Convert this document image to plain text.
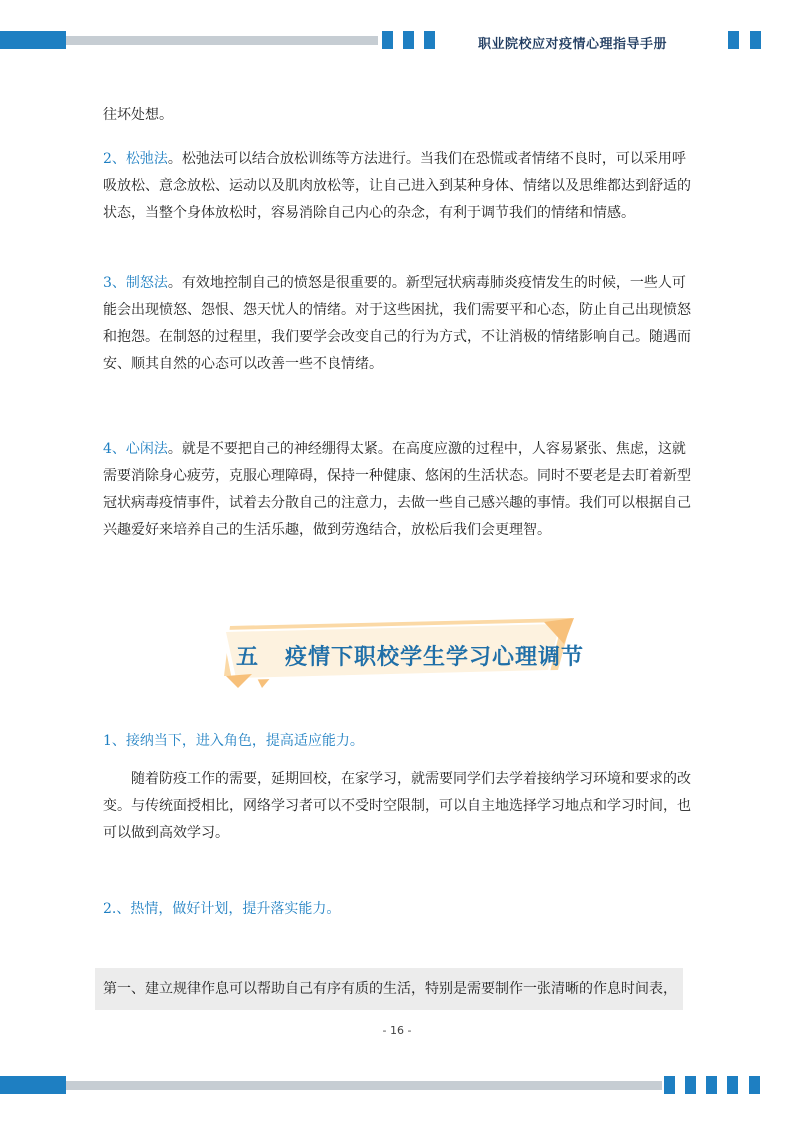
职业院校应对疫情心理指导手册

往坏处想。

2、松弛法。松弛法可以结合放松训练等方法进行。当我们在恐慌或者情绪不良时，可以采用呼吸放松、意念放松、运动以及肌肉放松等，让自己进入到某种身体、情绪以及思维都达到舒适的状态，当整个身体放松时，容易消除自己内心的杂念，有利于调节我们的情绪和情感。

3、制怒法。有效地控制自己的愤怒是很重要的。新型冠状病毒肺炎疫情发生的时候，一些人可能会出现愤怒、怨恨、怨天忧人的情绪。对于这些困扰，我们需要平和心态，防止自己出现愤怒和抱怨。在制怒的过程里，我们要学会改变自己的行为方式，不让消极的情绪影响自己。随遇而安、顺其自然的心态可以改善一些不良情绪。

4、心闲法。就是不要把自己的神经绷得太紧。在高度应激的过程中，人容易紧张、焦虑，这就需要消除身心疲劳，克服心理障碍，保持一种健康、悠闲的生活状态。同时不要老是去盯着新型冠状病毒疫情事件，试着去分散自己的注意力，去做一些自己感兴趣的事情。我们可以根据自己兴趣爱好来培养自己的生活乐趣，做到劳逸结合，放松后我们会更理智。

五 疫情下职校学生学习心理调节

1、接纳当下，进入角色，提高适应能力。

随着防疫工作的需要，延期回校，在家学习，就需要同学们去学着接纳学习环境和要求的改变。与传统面授相比，网络学习者可以不受时空限制，可以自主地选择学习地点和学习时间，也可以做到高效学习。

2.、热情，做好计划，提升落实能力。

第一、建立规律作息可以帮助自己有序有质的生活，特别是需要制作一张清晰的作息时间表，

- 16 -
